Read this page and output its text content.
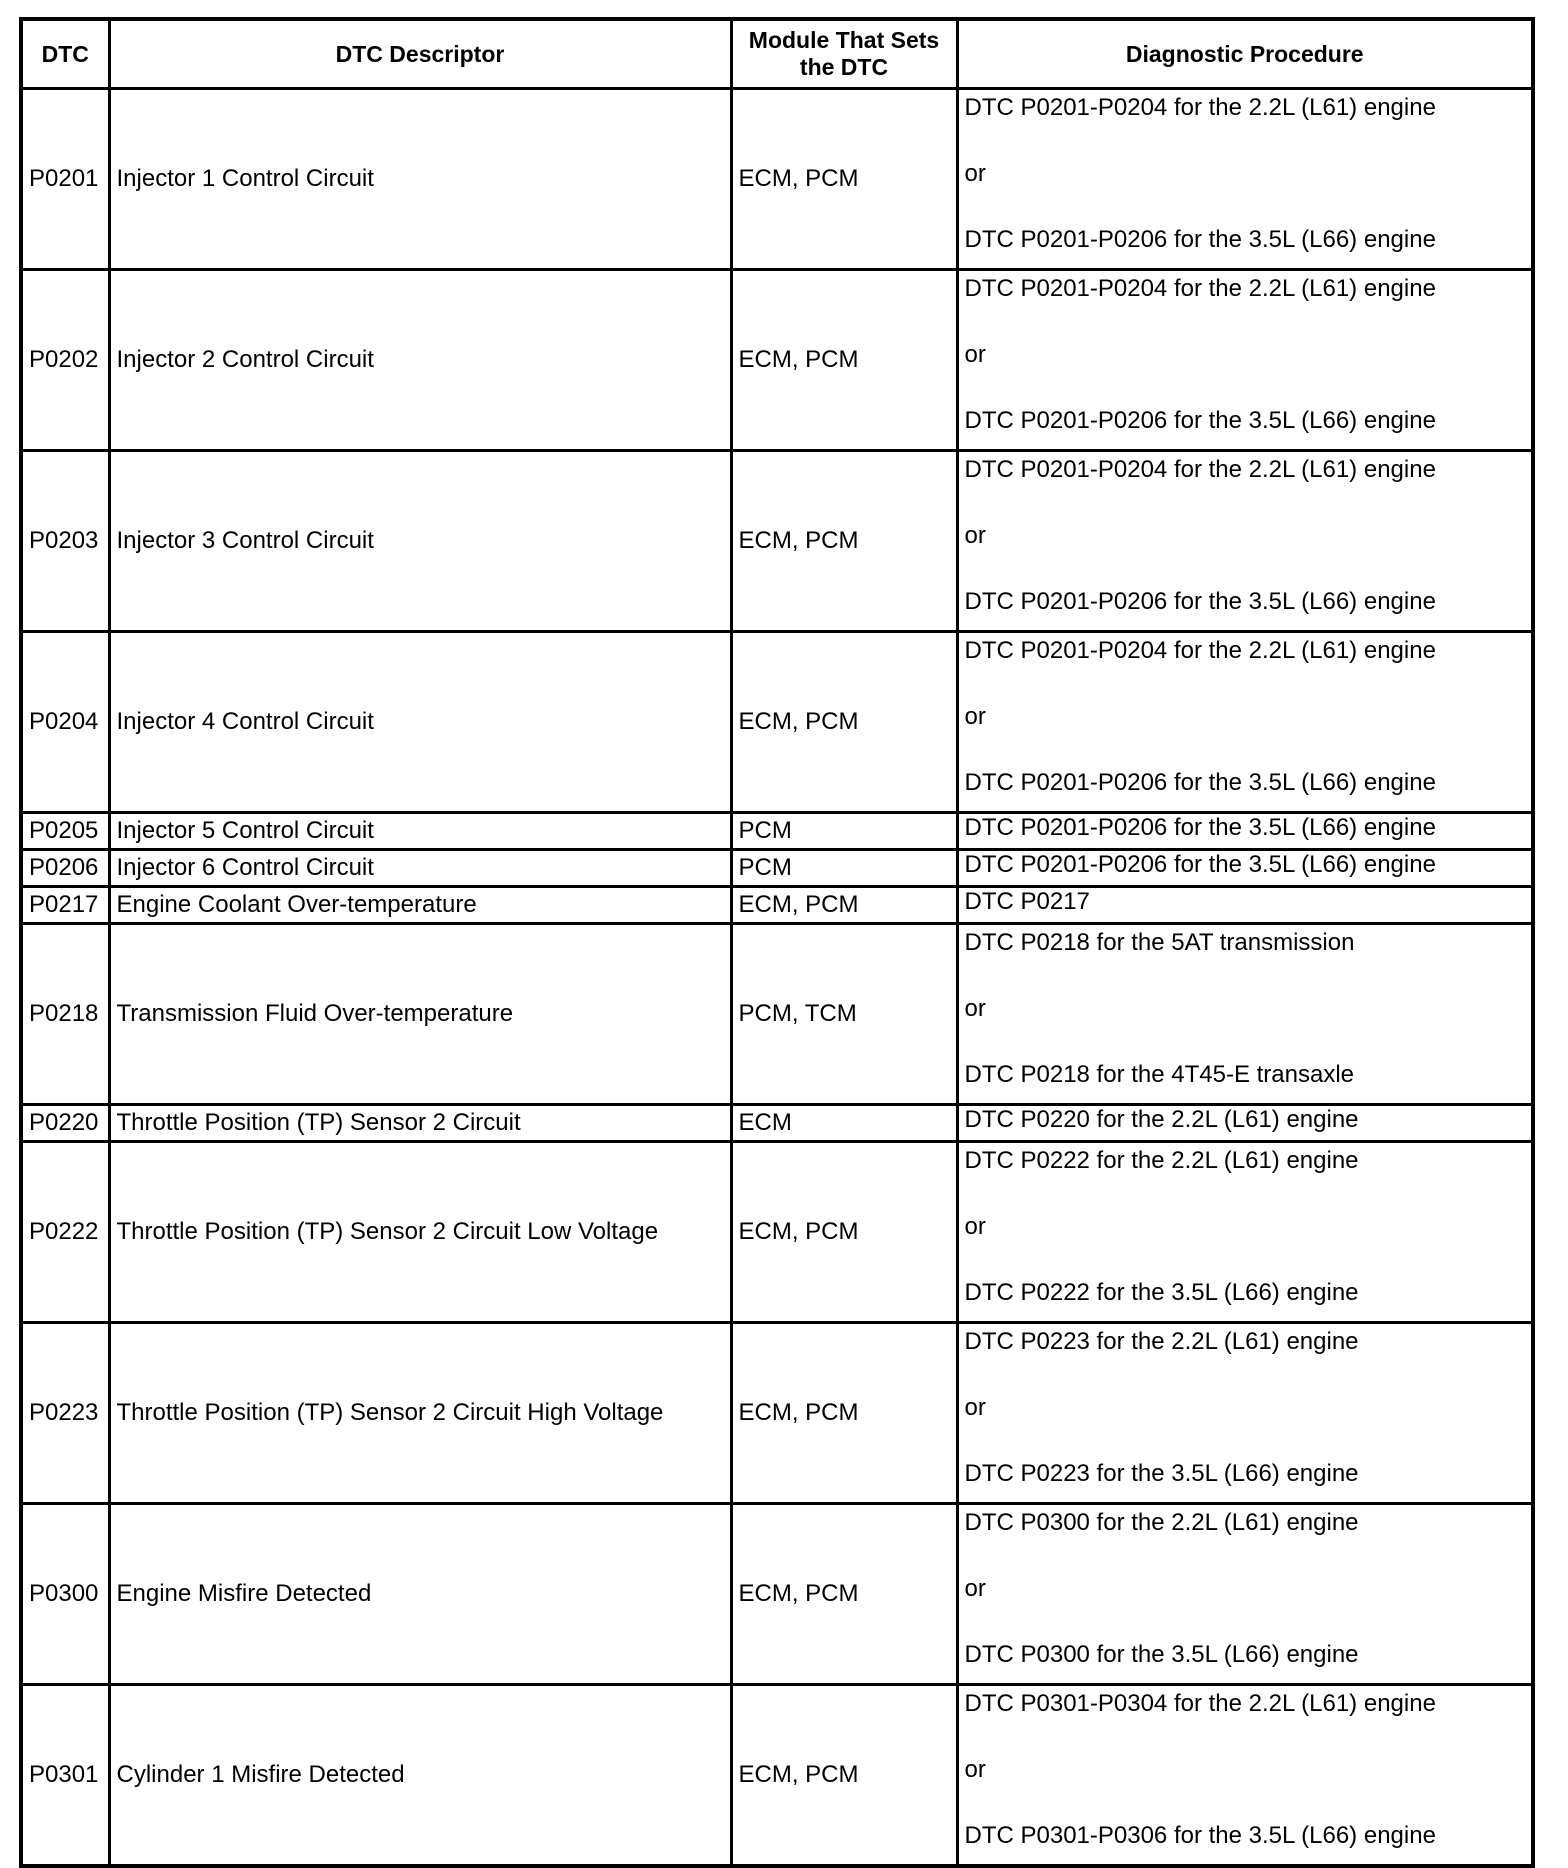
DTC	DTC Descriptor	Module That Sets the DTC	Diagnostic Procedure
P0201	Injector 1 Control Circuit	ECM, PCM	DTC P0201-P0204 for the 2.2L (L61) engine
or
DTC P0201-P0206 for the 3.5L (L66) engine

P0202	Injector 2 Control Circuit	ECM, PCM	DTC P0201-P0204 for the 2.2L (L61) engine
or
DTC P0201-P0206 for the 3.5L (L66) engine

P0203	Injector 3 Control Circuit	ECM, PCM	DTC P0201-P0204 for the 2.2L (L61) engine
or
DTC P0201-P0206 for the 3.5L (L66) engine

P0204	Injector 4 Control Circuit	ECM, PCM	DTC P0201-P0204 for the 2.2L (L61) engine
or
DTC P0201-P0206 for the 3.5L (L66) engine

P0205	Injector 5 Control Circuit	PCM	DTC P0201-P0206 for the 3.5L (L66) engine

P0206	Injector 6 Control Circuit	PCM	DTC P0201-P0206 for the 3.5L (L66) engine

P0217	Engine Coolant Over-temperature	ECM, PCM	DTC P0217

P0218	Transmission Fluid Over-temperature	PCM, TCM	DTC P0218 for the 5AT transmission
or
DTC P0218 for the 4T45-E transaxle

P0220	Throttle Position (TP) Sensor 2 Circuit	ECM	DTC P0220 for the 2.2L (L61) engine

P0222	Throttle Position (TP) Sensor 2 Circuit Low Voltage	ECM, PCM	DTC P0222 for the 2.2L (L61) engine
or
DTC P0222 for the 3.5L (L66) engine

P0223	Throttle Position (TP) Sensor 2 Circuit High Voltage	ECM, PCM	DTC P0223 for the 2.2L (L61) engine
or
DTC P0223 for the 3.5L (L66) engine

P0300	Engine Misfire Detected	ECM, PCM	DTC P0300 for the 2.2L (L61) engine
or
DTC P0300 for the 3.5L (L66) engine

P0301	Cylinder 1 Misfire Detected	ECM, PCM	DTC P0301-P0304 for the 2.2L (L61) engine
or
DTC P0301-P0306 for the 3.5L (L66) engine
